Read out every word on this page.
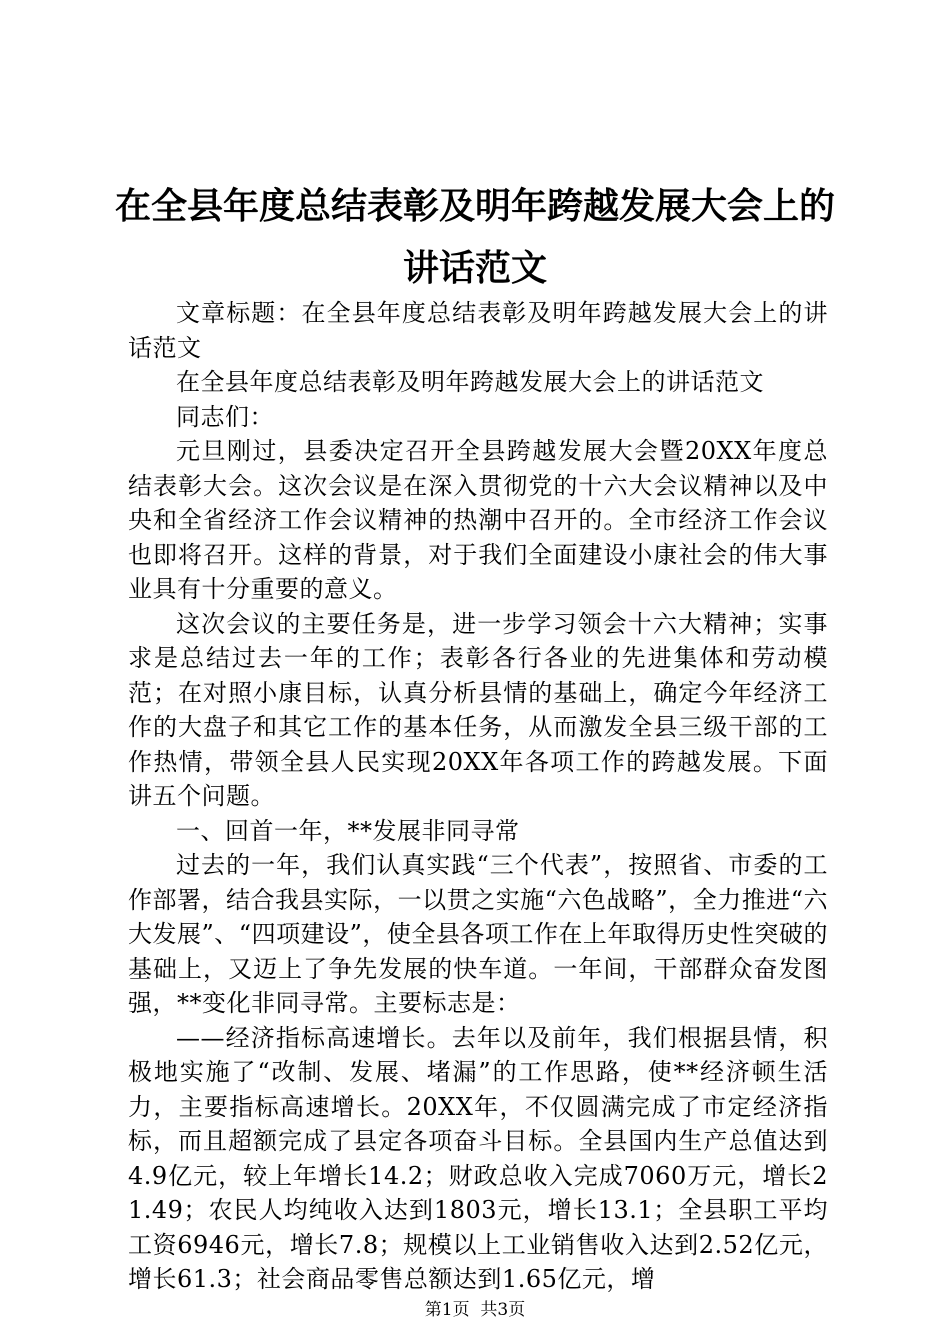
在全县年度总结表彰及明年跨越发展大会上的
讲话范文

文章标题：在全县年度总结表彰及明年跨越发展大会上的讲话范文

在全县年度总结表彰及明年跨越发展大会上的讲话范文

同志们：

元旦刚过，县委决定召开全县跨越发展大会暨20XX年度总结表彰大会。这次会议是在深入贯彻党的十六大会议精神以及中央和全省经济工作会议精神的热潮中召开的。全市经济工作会议也即将召开。这样的背景，对于我们全面建设小康社会的伟大事业具有十分重要的意义。

这次会议的主要任务是，进一步学习领会十六大精神；实事求是总结过去一年的工作；表彰各行各业的先进集体和劳动模范；在对照小康目标，认真分析县情的基础上，确定今年经济工作的大盘子和其它工作的基本任务，从而激发全县三级干部的工作热情，带领全县人民实现20XX年各项工作的跨越发展。下面讲五个问题。

一、回首一年，**发展非同寻常

过去的一年，我们认真实践“三个代表”，按照省、市委的工作部署，结合我县实际，一以贯之实施“六色战略”，全力推进“六大发展”、“四项建设”，使全县各项工作在上年取得历史性突破的基础上，又迈上了争先发展的快车道。一年间，干部群众奋发图强，**变化非同寻常。主要标志是：

——经济指标高速增长。去年以及前年，我们根据县情，积极地实施了“改制、发展、堵漏”的工作思路，使**经济顿生活力，主要指标高速增长。20XX年，不仅圆满完成了市定经济指标，而且超额完成了县定各项奋斗目标。全县国内生产总值达到4.9亿元，较上年增长14.2；财政总收入完成7060万元，增长21.49；农民人均纯收入达到1803元，增长13.1；全县职工平均工资6946元，增长7.8；规模以上工业销售收入达到2.52亿元，增长61.3；社会商品零售总额达到1.65亿元，增

第1页  共3页
